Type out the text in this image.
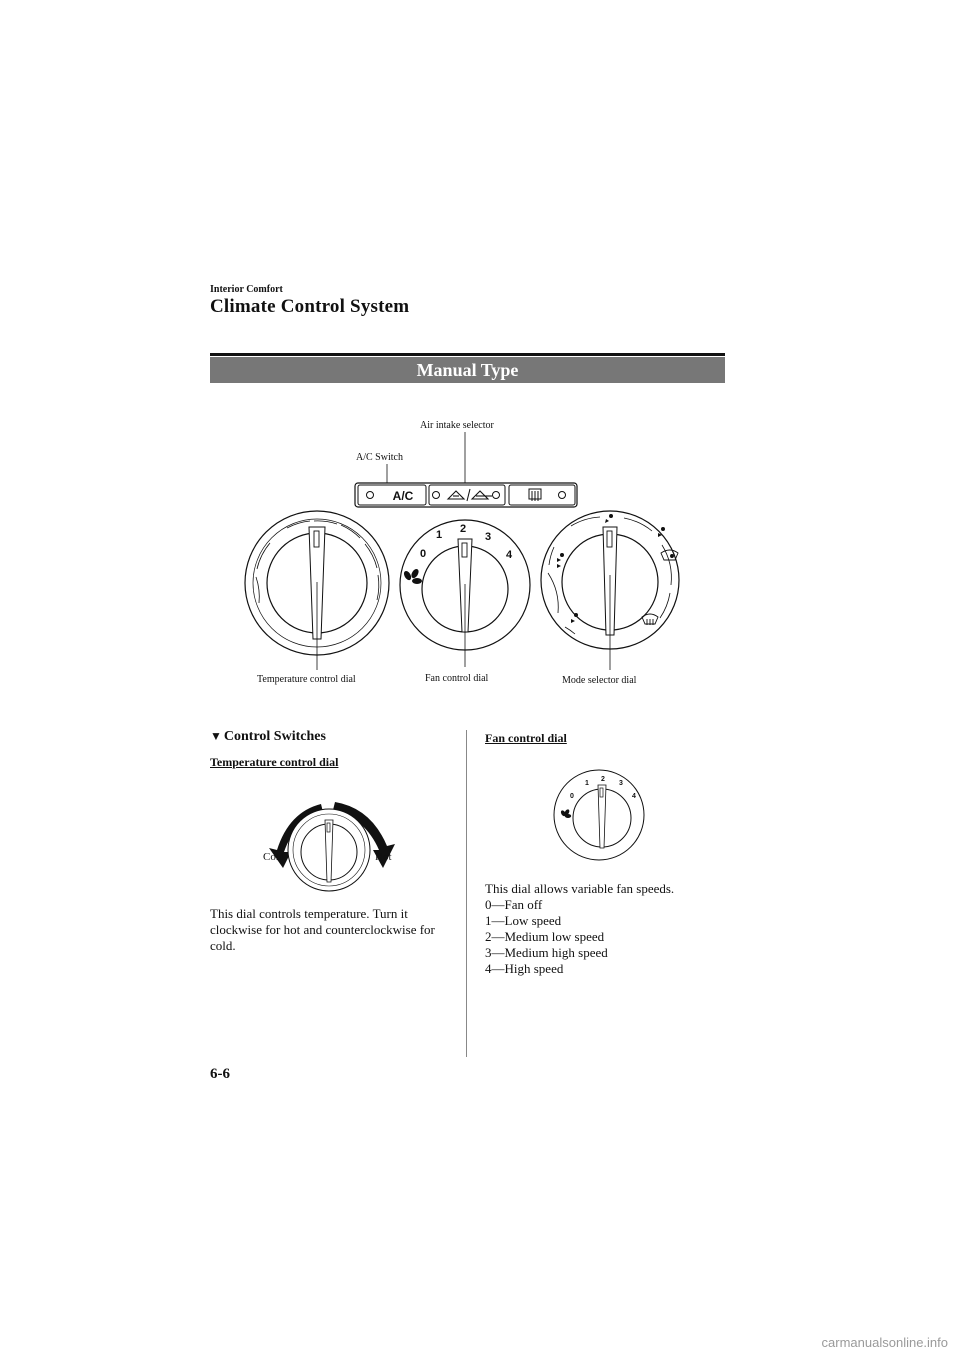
Interior Comfort
Climate Control System
Manual Type
Air intake selector
A/C Switch
A/C
Temperature control dial
0
1 2
3
4
Fan control dial	Mode selector dial
▼ Control Switches
Temperature control dial
Cold	Hot
This dial controls temperature. Turn it clockwise for hot and counterclockwise for cold.
Fan control dial
0
1
2
3
4
This dial allows variable fan speeds.
0―Fan off
1―Low speed
2―Medium low speed
3―Medium high speed
4―High speed
6-6
carmanualsonline.info
